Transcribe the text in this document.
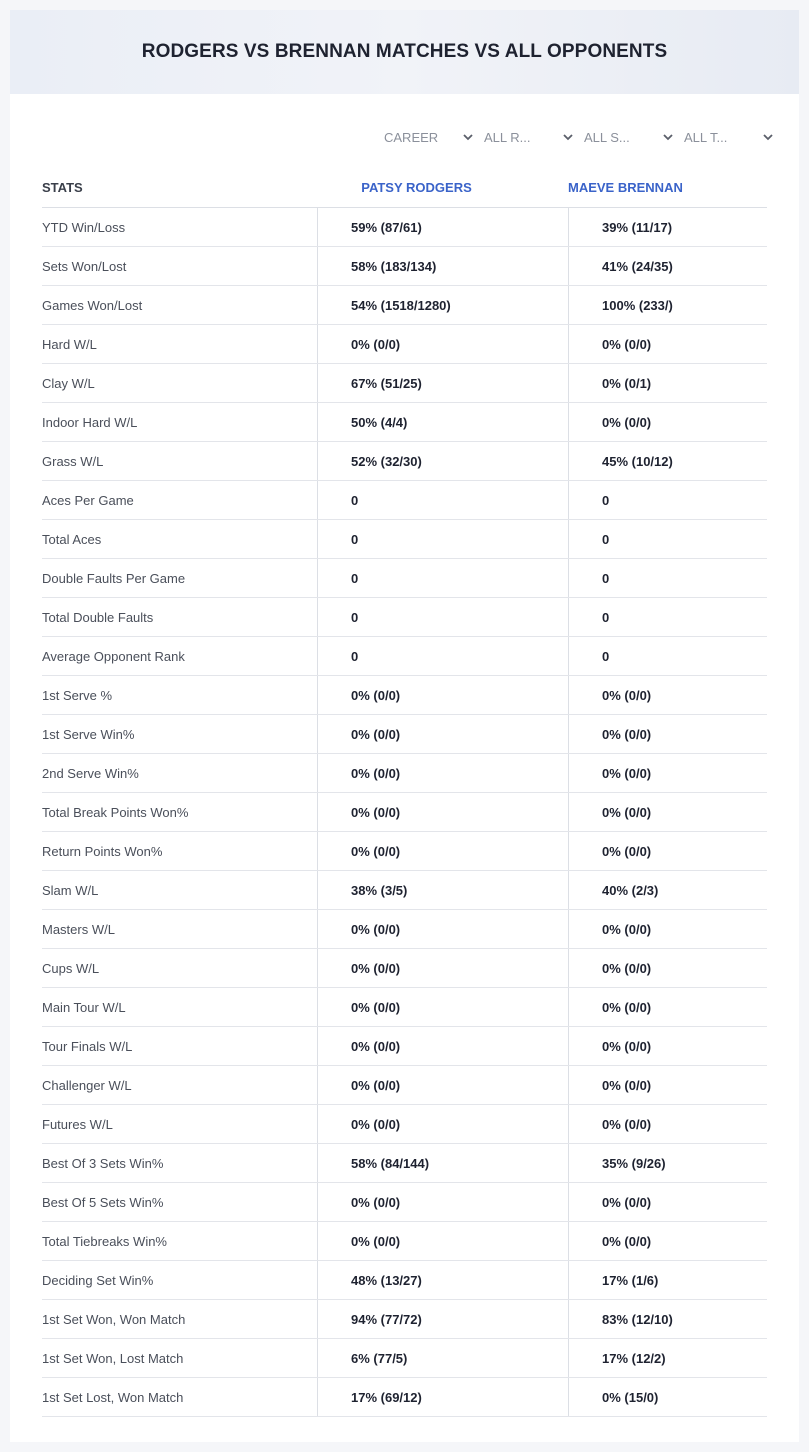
RODGERS VS BRENNAN MATCHES VS ALL OPPONENTS
CAREER	ALL R...	ALL S...	ALL T...
STATS	PATSY RODGERS	MAEVE BRENNAN
YTD Win/Loss	59% (87/61)	39% (11/17)
Sets Won/Lost	58% (183/134)	41% (24/35)
Games Won/Lost	54% (1518/1280)	100% (233/)
Hard W/L	0% (0/0)	0% (0/0)
Clay W/L	67% (51/25)	0% (0/1)
Indoor Hard W/L	50% (4/4)	0% (0/0)
Grass W/L	52% (32/30)	45% (10/12)
Aces Per Game	0	0
Total Aces	0	0
Double Faults Per Game	0	0
Total Double Faults	0	0
Average Opponent Rank	0	0
1st Serve %	0% (0/0)	0% (0/0)
1st Serve Win%	0% (0/0)	0% (0/0)
2nd Serve Win%	0% (0/0)	0% (0/0)
Total Break Points Won%	0% (0/0)	0% (0/0)
Return Points Won%	0% (0/0)	0% (0/0)
Slam W/L	38% (3/5)	40% (2/3)
Masters W/L	0% (0/0)	0% (0/0)
Cups W/L	0% (0/0)	0% (0/0)
Main Tour W/L	0% (0/0)	0% (0/0)
Tour Finals W/L	0% (0/0)	0% (0/0)
Challenger W/L	0% (0/0)	0% (0/0)
Futures W/L	0% (0/0)	0% (0/0)
Best Of 3 Sets Win%	58% (84/144)	35% (9/26)
Best Of 5 Sets Win%	0% (0/0)	0% (0/0)
Total Tiebreaks Win%	0% (0/0)	0% (0/0)
Deciding Set Win%	48% (13/27)	17% (1/6)
1st Set Won, Won Match	94% (77/72)	83% (12/10)
1st Set Won, Lost Match	6% (77/5)	17% (12/2)
1st Set Lost, Won Match	17% (69/12)	0% (15/0)
